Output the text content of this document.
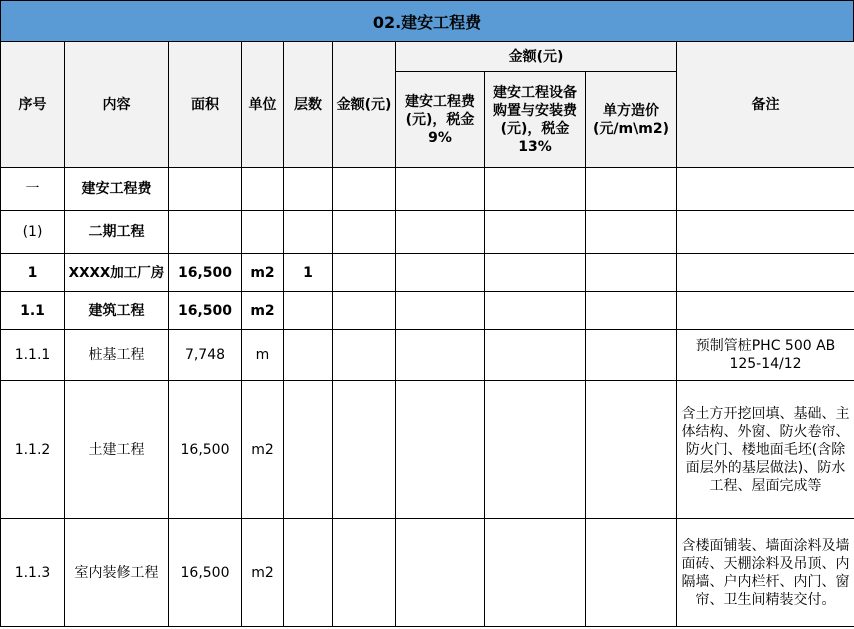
02.建安工程费
序号	内容	面积	单位	层数	金额(元)	金额(元)			备注
						建安工程费(元)，税金9%	建安工程设备购置与安装费(元)，税金13%	单方造价(元/m\m2)	
一	建安工程费								
(1)	二期工程								
1	XXXX加工厂房	16,500	m2	1					
1.1	建筑工程	16,500	m2						
1.1.1	桩基工程	7,748	m						预制管桩PHC 500 AB 125-14/12
1.1.2	土建工程	16,500	m2						含土方开挖回填、基础、主体结构、外窗、防火卷帘、防火门、楼地面毛坯(含除面层外的基层做法)、防水工程、屋面完成等
1.1.3	室内装修工程	16,500	m2						含楼面铺装、墙面涂料及墙面砖、天棚涂料及吊顶、内隔墙、户内栏杆、内门、窗帘、卫生间精装交付。
